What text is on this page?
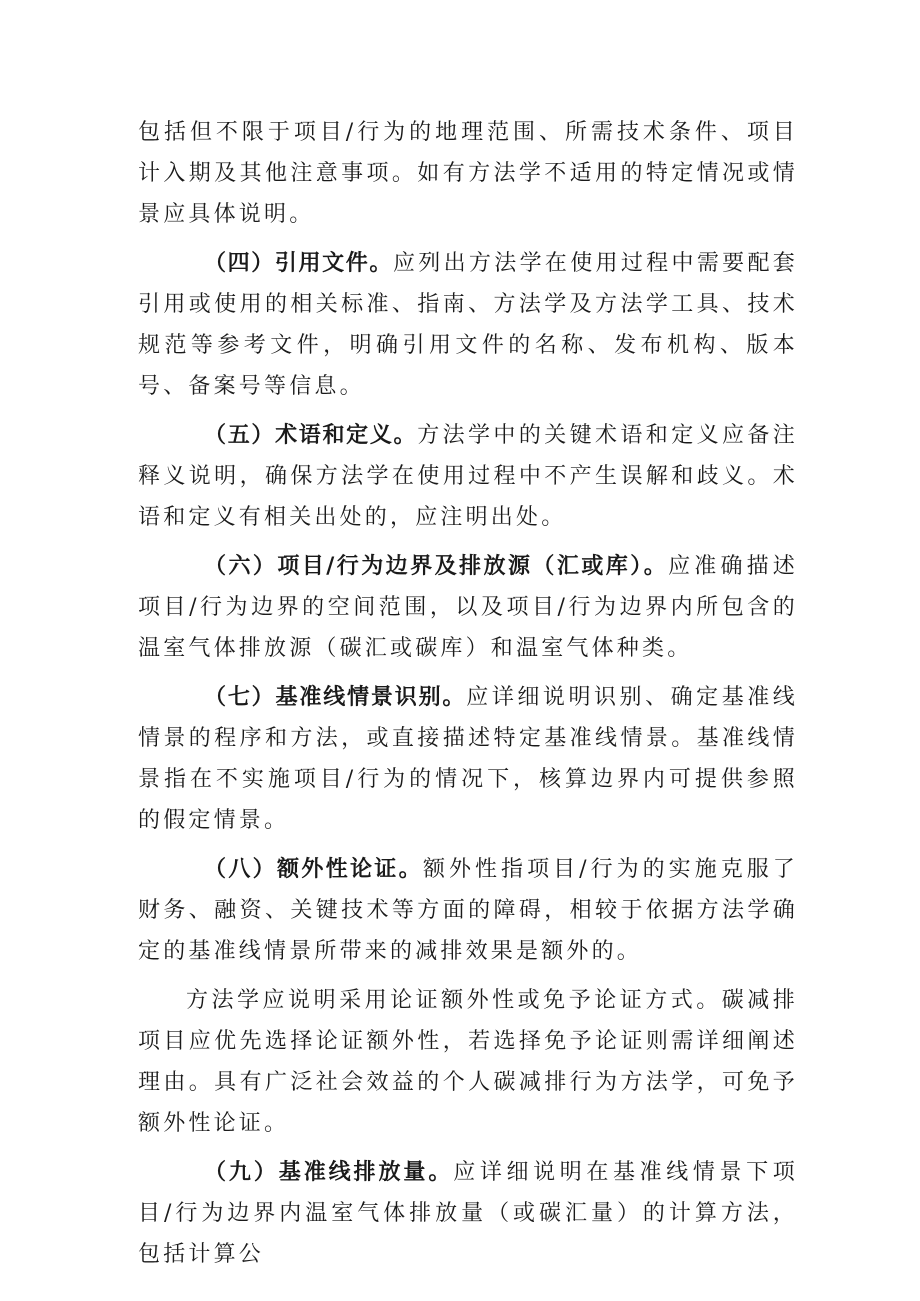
包括但不限于项目/行为的地理范围、所需技术条件、项目计入期及其他注意事项。如有方法学不适用的特定情况或情景应具体说明。

（四）引用文件。应列出方法学在使用过程中需要配套引用或使用的相关标准、指南、方法学及方法学工具、技术规范等参考文件，明确引用文件的名称、发布机构、版本号、备案号等信息。

（五）术语和定义。方法学中的关键术语和定义应备注释义说明，确保方法学在使用过程中不产生误解和歧义。术语和定义有相关出处的，应注明出处。

（六）项目/行为边界及排放源（汇或库）。应准确描述项目/行为边界的空间范围，以及项目/行为边界内所包含的温室气体排放源（碳汇或碳库）和温室气体种类。

（七）基准线情景识别。应详细说明识别、确定基准线情景的程序和方法，或直接描述特定基准线情景。基准线情景指在不实施项目/行为的情况下，核算边界内可提供参照的假定情景。

（八）额外性论证。额外性指项目/行为的实施克服了财务、融资、关键技术等方面的障碍，相较于依据方法学确定的基准线情景所带来的减排效果是额外的。

方法学应说明采用论证额外性或免予论证方式。碳减排项目应优先选择论证额外性，若选择免予论证则需详细阐述理由。具有广泛社会效益的个人碳减排行为方法学，可免予额外性论证。

（九）基准线排放量。应详细说明在基准线情景下项目/行为边界内温室气体排放量（或碳汇量）的计算方法，包括计算公
